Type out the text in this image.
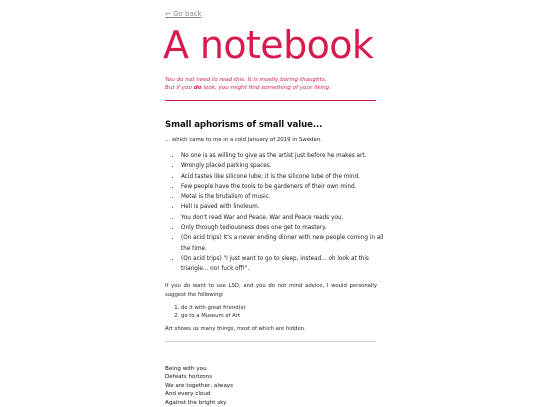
↩ Go back
A notebook
You do not need to read this. It is mostly boring thoughts.
But if you do look, you might find something of your liking.
Small aphorisms of small value...
... which came to me in a cold January of 2019 in Sweden.
• No one is as willing to give as the artist just before he makes art.
• Wrongly placed parking spaces.
• Acid tastes like silicone lube; it is the silicone lube of the mind.
• Few people have the tools to be gardeners of their own mind.
• Metal is the brutalism of music.
• Hell is paved with linoleum.
• You don't read War and Peace, War and Peace reads you.
• Only through tediousness does one get to mastery.
• (On acid trips) It's a never ending dinner with new people coming in all the time.
• (On acid trips) "I just want to go to sleep, instead... oh look at this triangle... no! fuck off!".
If you do want to use LSD, and you do not mind advice, I would personally suggest the following:
1. do it with great friend(s)
2. go to a Museum of Art
Art shows us many things, most of which are hidden.
Being with you
Defeats horizons
We are together, always
And every cloud
Against the bright sky
